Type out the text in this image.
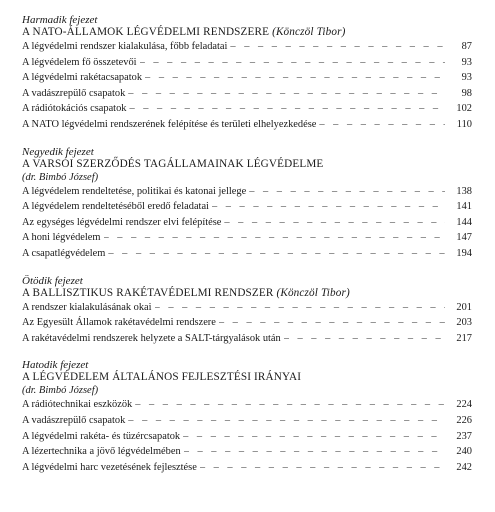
Harmadik fejezet
A NATO-ÁLLAMOK LÉGVÉDELMI RENDSZERE (Könczöl Tibor)
A légvédelmi rendszer kialakulása, főbb feladatai – – –	87
A légvédelem fő összetevői – – –	93
A légvédelmi rakétacsapatok – – –	93
A vadászrepülő csapatok – – –	98
A rádiótokációs csapatok – – –	102
A NATO légvédelmi rendszerének felépítése és területi elhelyezkedése – – –	110
Negyedik fejezet
A VARSÓI SZERZŐDÉS TAGÁLLAMAINAK LÉGVÉDELME
(dr. Bimbó József)
A légvédelem rendeltetése, politikai és katonai jellege – – –	138
A légvédelem rendeltetéséből eredő feladatai – – –	141
Az egységes légvédelmi rendszer elvi felépítése – – –	144
A honi légvédelem – – –	147
A csapatlégvédelem – – –	194
Ötödik fejezet
A BALLISZTIKUS RAKÉTAVÉDELMI RENDSZER (Könczöl Tibor)
A rendszer kialakulásának okai – – –	201
Az Egyesült Államok rakétavédelmi rendszere – – –	203
A rakétavédelmi rendszerek helyzete a SALT-tárgyalások után – – –	217
Hatodik fejezet
A LÉGVÉDELEM ÁLTALÁNOS FEJLESZTÉSI IRÁNYAI
(dr. Bimbó József)
A rádiótechnikai eszközök – – –	224
A vadászrepülő csapatok – – –	226
A légvédelmi rakéta- és tüzércsapatok – – –	237
A lézertechnika a jövő légvédelmében – – –	240
A légvédelmi harc vezetésének fejlesztése – – –	242
